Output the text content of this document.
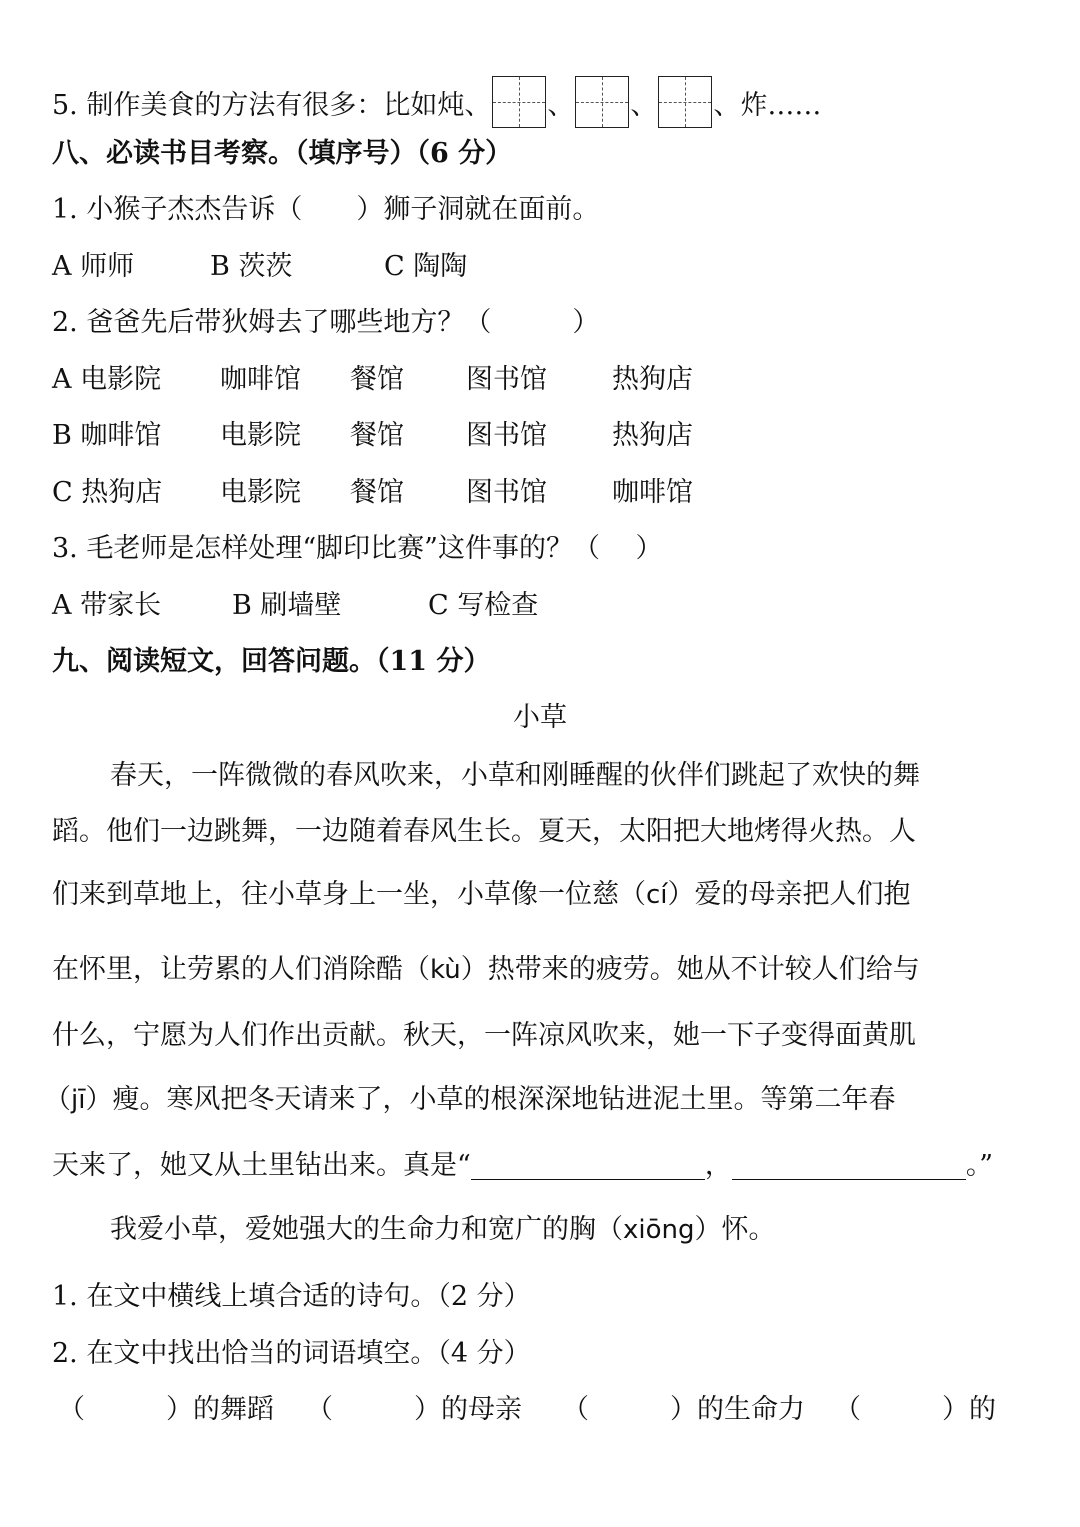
5. 制作美食的方法有很多：比如炖、 、 、 、炸……
八、必读书目考察。（填序号）（6 分）
1. 小猴子杰杰告诉（　　）狮子洞就在面前。
A 师师	B 茨茨	C 陶陶
2. 爸爸先后带狄姆去了哪些地方？（　　　）
A 电影院 咖啡馆 餐馆 图书馆 热狗店
B 咖啡馆 电影院 餐馆 图书馆 热狗店
C 热狗店 电影院 餐馆 图书馆 咖啡馆
3. 毛老师是怎样处理“脚印比赛”这件事的？（　 ）
A 带家长	B 刷墙壁	C 写检查
九、阅读短文，回答问题。（11 分）
小草
春天，一阵微微的春风吹来，小草和刚睡醒的伙伴们跳起了欢快的舞
蹈。他们一边跳舞，一边随着春风生长。夏天，太阳把大地烤得火热。人
们来到草地上，往小草身上一坐，小草像一位慈（cí）爱的母亲把人们抱
在怀里，让劳累的人们消除酷（kù）热带来的疲劳。她从不计较人们给与
什么，宁愿为人们作出贡献。秋天，一阵凉风吹来，她一下子变得面黄肌
（jī）瘦。寒风把冬天请来了，小草的根深深地钻进泥土里。等第二年春
天来了，她又从土里钻出来。真是“	，	。”
我爱小草，爱她强大的生命力和宽广的胸（xiōng）怀。
1. 在文中横线上填合适的诗句。（2 分）
2. 在文中找出恰当的词语填空。（4 分）
（　　　）的舞蹈 （　　　）的母亲 （　　　）的生命力 （　　　）的
